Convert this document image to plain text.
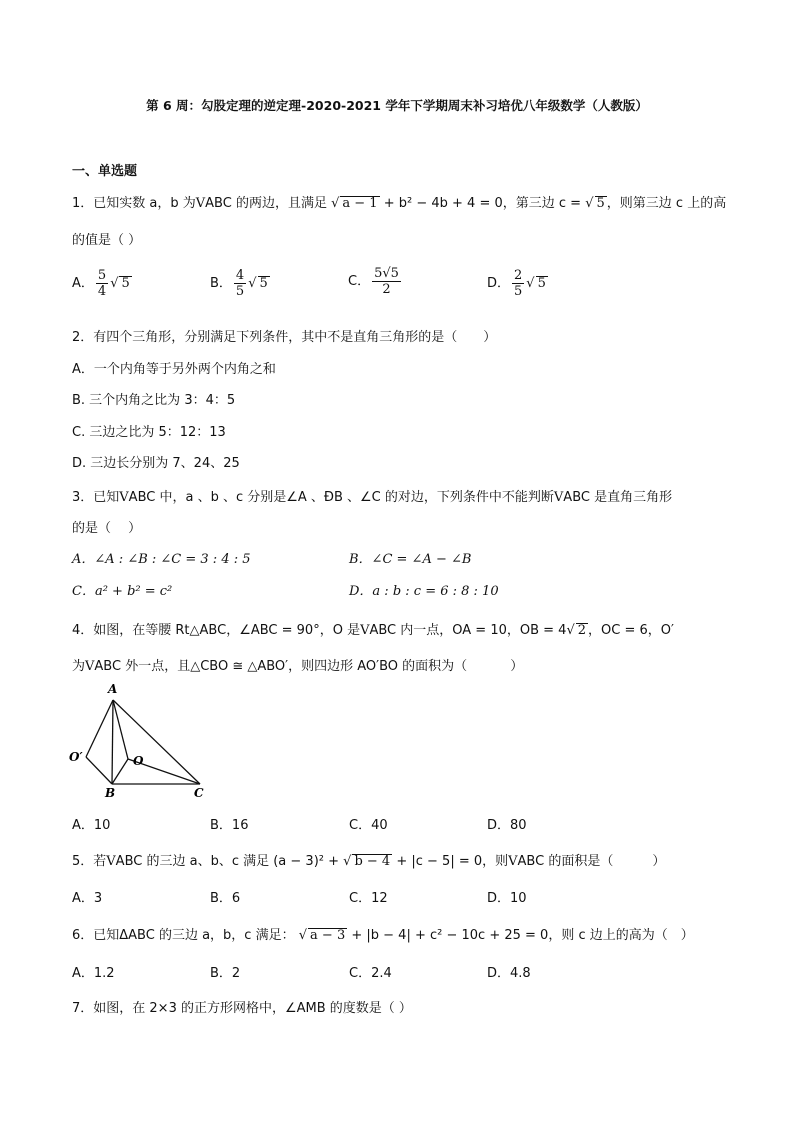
第 6 周：勾股定理的逆定理-2020-2021 学年下学期周末补习培优八年级数学（人教版）
一、单选题
1．已知实数 a，b 为VABC 的两边，且满足 √ a − 1 + b² − 4b + 4 = 0，第三边 c = √ 5 ，则第三边 c 上的高
的值是（ ）
A． $\frac{5}{4}$ √ 5	B． $\frac{4}{5}$ √ 5	C． $\frac{5√5}{2}$	D． $\frac{2}{5}$ √ 5
2．有四个三角形，分别满足下列条件，其中不是直角三角形的是（　　）
A．一个内角等于另外两个内角之和
B. 三个内角之比为 3：4：5
C. 三边之比为 5：12：13
D. 三边长分别为 7、24、25
3．已知VABC 中，a 、b 、c 分别是∠A 、ÐB 、∠C 的对边，下列条件中不能判断VABC 是直角三角形
的是（　 ）
A．∠A : ∠B : ∠C = 3 : 4 : 5	B．∠C = ∠A − ∠B
C．a² + b² = c²	D．a : b : c = 6 : 8 : 10
4．如图，在等腰 Rt△ABC，∠ABC = 90°，O 是VABC 内一点，OA = 10，OB = 4√ 2 ，OC = 6，O′
为VABC 外一点，且△CBO ≅ △ABO′，则四边形 AO′BO 的面积为（　 　　）
A
B	C
O
O′
A．10	B．16	C．40	D．80
5．若VABC 的三边 a、b、c 满足 (a − 3)² + √ b − 4 + |c − 5| = 0，则VABC 的面积是（　　　）
A．3	B．6	C．12	D．10
6．已知ΔABC 的三边 a，b，c 满足： √ a − 3 + |b − 4| + c² − 10c + 25 = 0，则 c 边上的高为（　）
A．1.2	B．2	C．2.4	D．4.8
7．如图，在 2×3 的正方形网格中，∠AMB 的度数是（ ）
